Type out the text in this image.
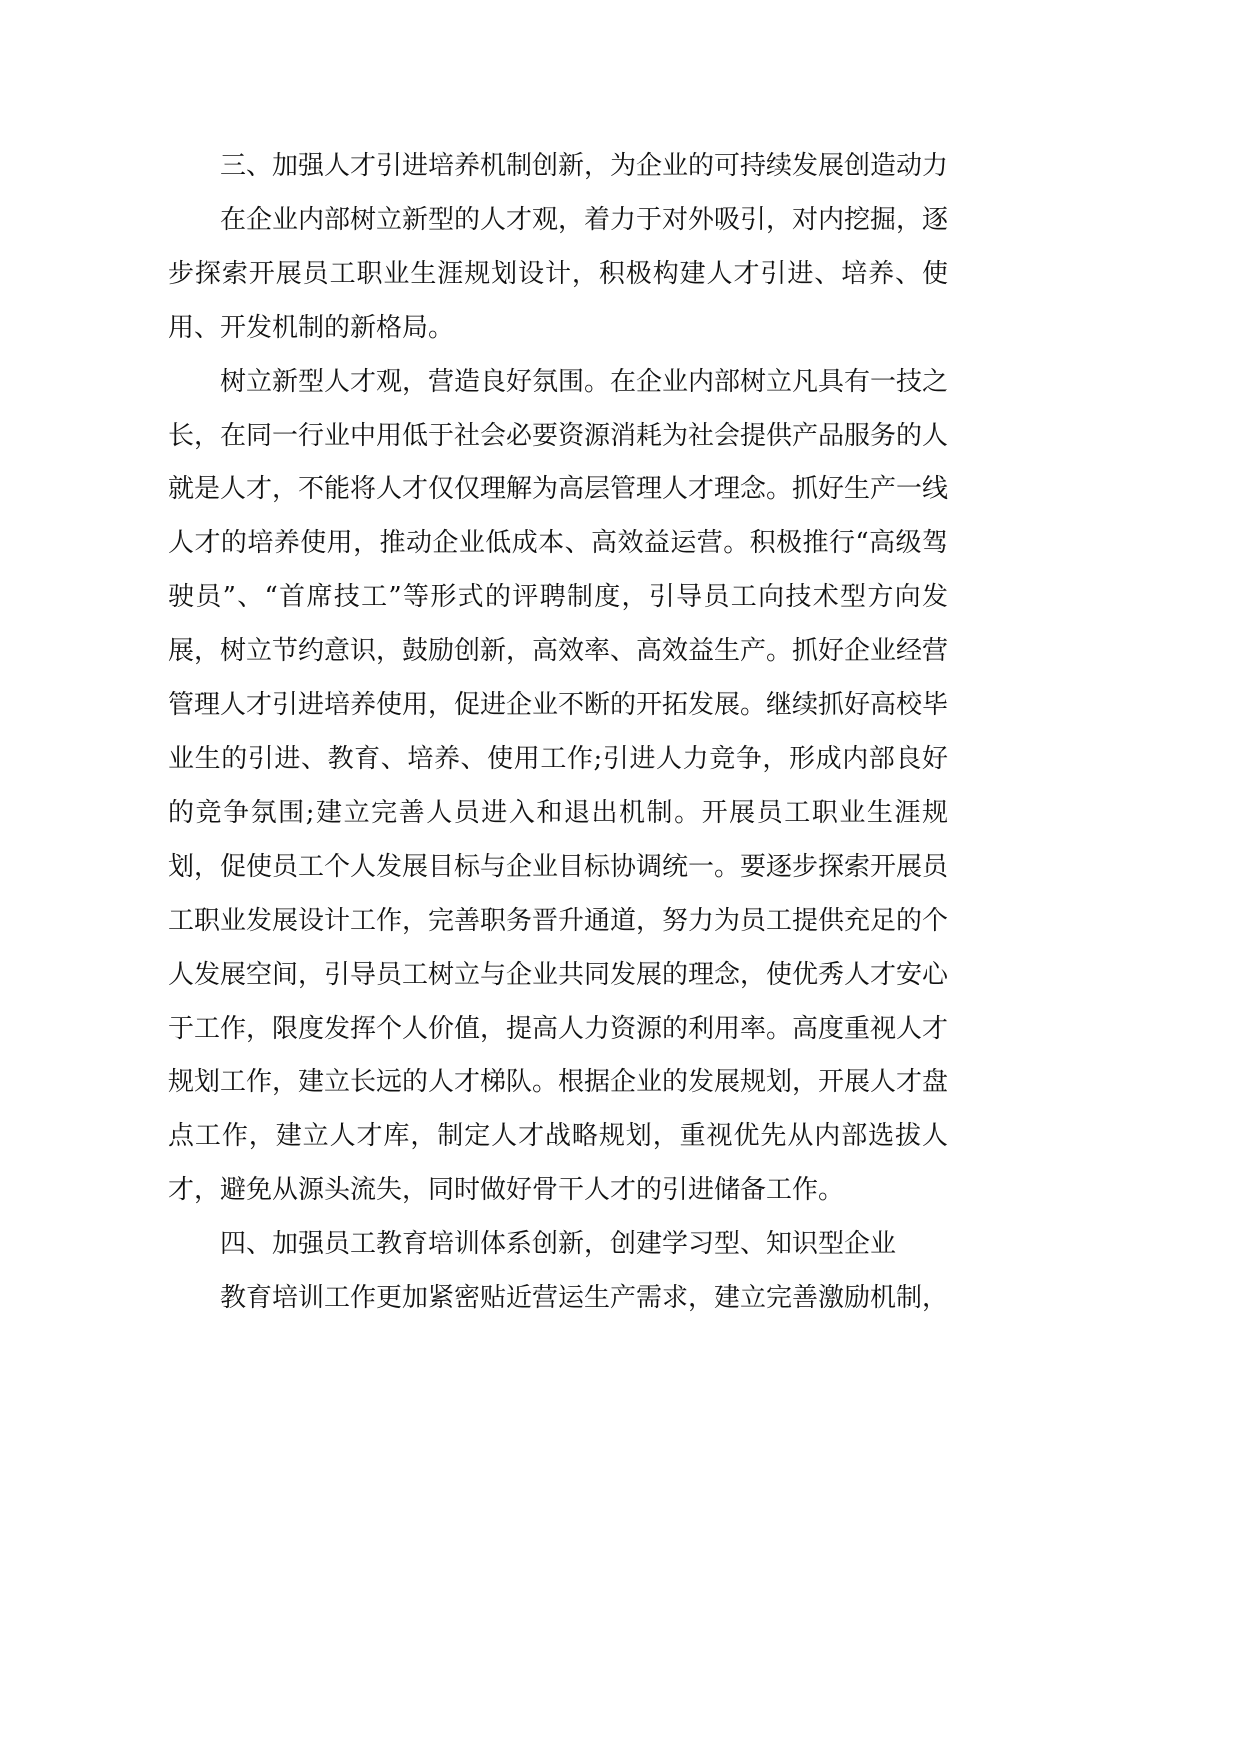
三、加强人才引进培养机制创新，为企业的可持续发展创造动力

在企业内部树立新型的人才观，着力于对外吸引，对内挖掘，逐步探索开展员工职业生涯规划设计，积极构建人才引进、培养、使用、开发机制的新格局。

树立新型人才观，营造良好氛围。在企业内部树立凡具有一技之长，在同一行业中用低于社会必要资源消耗为社会提供产品服务的人就是人才，不能将人才仅仅理解为高层管理人才理念。抓好生产一线人才的培养使用，推动企业低成本、高效益运营。积极推行“高级驾驶员”、“首席技工”等形式的评聘制度，引导员工向技术型方向发展，树立节约意识，鼓励创新，高效率、高效益生产。抓好企业经营管理人才引进培养使用，促进企业不断的开拓发展。继续抓好高校毕业生的引进、教育、培养、使用工作;引进人力竞争，形成内部良好的竞争氛围;建立完善人员进入和退出机制。开展员工职业生涯规划，促使员工个人发展目标与企业目标协调统一。要逐步探索开展员工职业发展设计工作，完善职务晋升通道，努力为员工提供充足的个人发展空间，引导员工树立与企业共同发展的理念，使优秀人才安心于工作，限度发挥个人价值，提高人力资源的利用率。高度重视人才规划工作，建立长远的人才梯队。根据企业的发展规划，开展人才盘点工作，建立人才库，制定人才战略规划，重视优先从内部选拔人才，避免从源头流失，同时做好骨干人才的引进储备工作。

四、加强员工教育培训体系创新，创建学习型、知识型企业

教育培训工作更加紧密贴近营运生产需求，建立完善激励机制，
